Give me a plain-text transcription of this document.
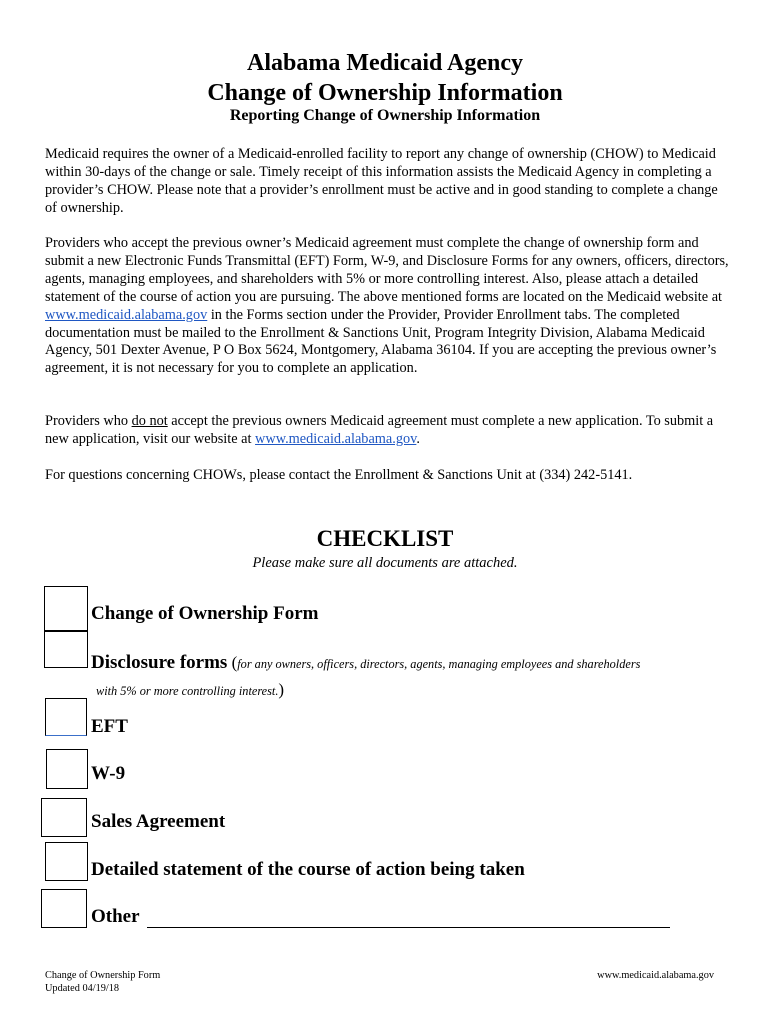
Alabama Medicaid Agency
Change of Ownership Information
Reporting Change of Ownership Information

Medicaid requires the owner of a Medicaid-enrolled facility to report any change of ownership (CHOW) to Medicaid within 30-days of the change or sale. Timely receipt of this information assists the Medicaid Agency in completing a provider’s CHOW. Please note that a provider’s enrollment must be active and in good standing to complete a change of ownership.

Providers who accept the previous owner’s Medicaid agreement must complete the change of ownership form and submit a new Electronic Funds Transmittal (EFT) Form, W-9, and Disclosure Forms for any owners, officers, directors, agents, managing employees, and shareholders with 5% or more controlling interest. Also, please attach a detailed statement of the course of action you are pursuing. The above mentioned forms are located on the Medicaid website at www.medicaid.alabama.gov in the Forms section under the Provider, Provider Enrollment tabs. The completed documentation must be mailed to the Enrollment & Sanctions Unit, Program Integrity Division, Alabama Medicaid Agency, 501 Dexter Avenue, P O Box 5624, Montgomery, Alabama 36104. If you are accepting the previous owner’s agreement, it is not necessary for you to complete an application.

Providers who do not accept the previous owners Medicaid agreement must complete a new application. To submit a new application, visit our website at www.medicaid.alabama.gov.

For questions concerning CHOWs, please contact the Enrollment & Sanctions Unit at (334) 242-5141.

CHECKLIST

Please make sure all documents are attached.

Change of Ownership Form
Disclosure forms (for any owners, officers, directors, agents, managing employees and shareholders
with 5% or more controlling interest.)
EFT
W-9
Sales Agreement
Detailed statement of the course of action being taken
Other
Change of Ownership Form
Updated 04/19/18
www.medicaid.alabama.gov
